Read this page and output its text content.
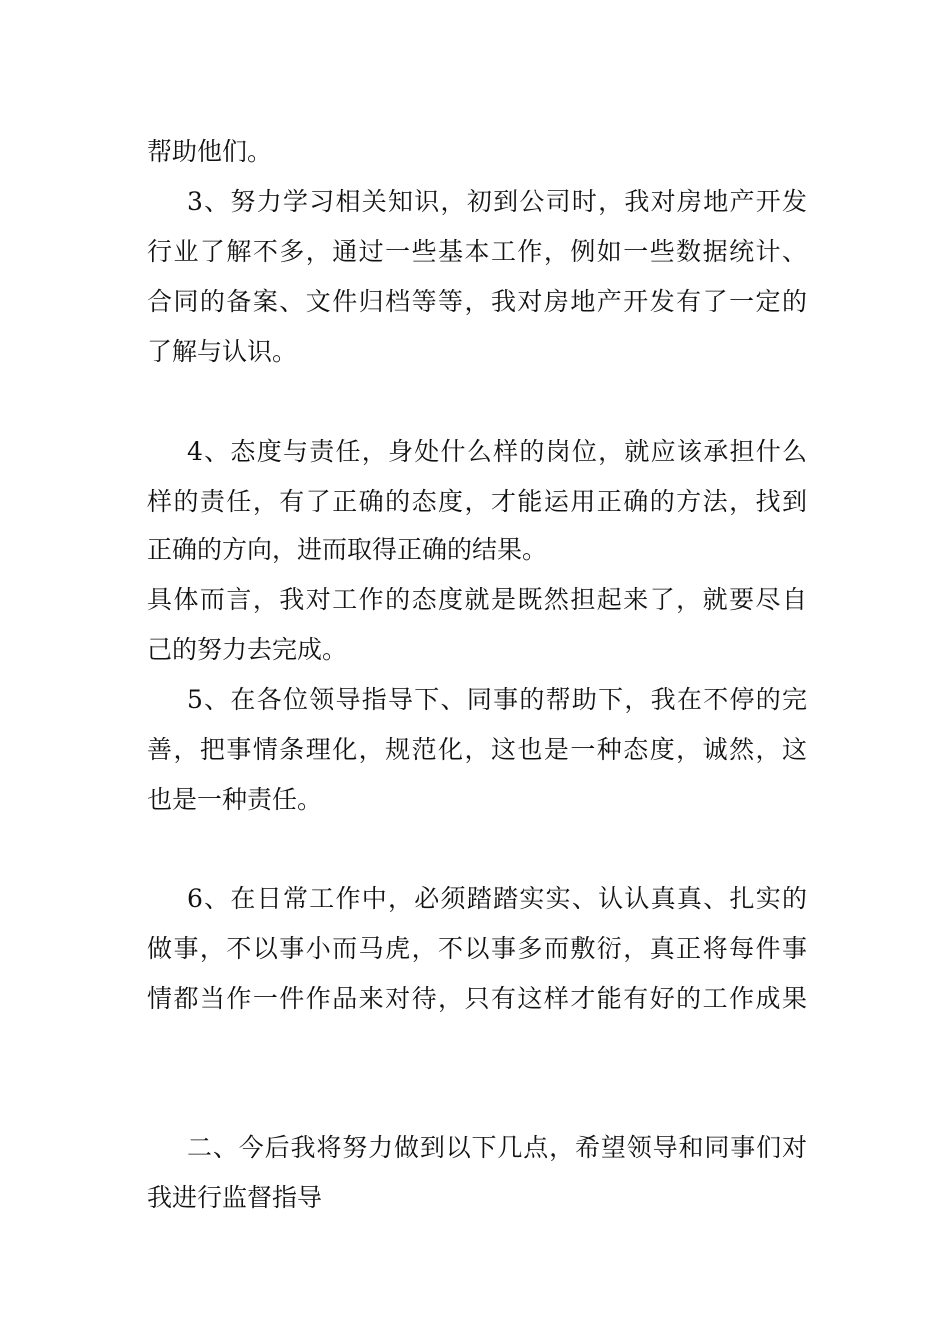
帮助他们。
3、努力学习相关知识，初到公司时，我对房地产开发
行业了解不多，通过一些基本工作，例如一些数据统计、
合同的备案、文件归档等等，我对房地产开发有了一定的
了解与认识。
4、态度与责任，身处什么样的岗位，就应该承担什么
样的责任，有了正确的态度，才能运用正确的方法，找到
正确的方向，进而取得正确的结果。
具体而言，我对工作的态度就是既然担起来了，就要尽自
己的努力去完成。
5、在各位领导指导下、同事的帮助下，我在不停的完
善，把事情条理化，规范化，这也是一种态度，诚然，这
也是一种责任。
6、在日常工作中，必须踏踏实实、认认真真、扎实的
做事，不以事小而马虎，不以事多而敷衍，真正将每件事
情都当作一件作品来对待，只有这样才能有好的工作成果
二、今后我将努力做到以下几点，希望领导和同事们对
我进行监督指导
